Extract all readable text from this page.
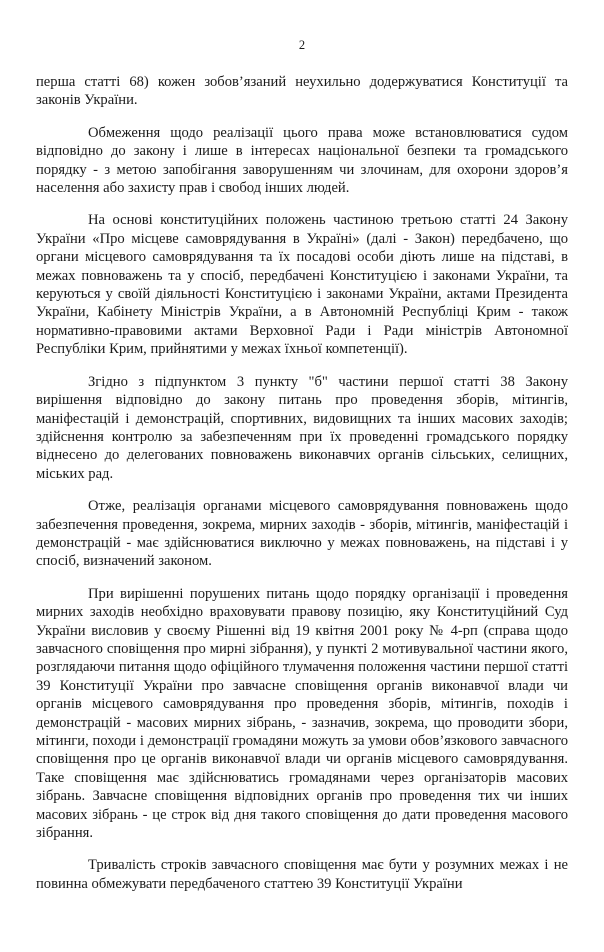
2

перша статті 68) кожен зобов’язаний неухильно додержуватися Конституції та законів України.

Обмеження щодо реалізації цього права може встановлюватися судом відповідно до закону і лише в інтересах національної безпеки та громадського порядку - з метою запобігання заворушенням чи злочинам, для охорони здоров’я населення або захисту прав і свобод інших людей.

На основі конституційних положень частиною третьою статті 24 Закону України «Про місцеве самоврядування в Україні» (далі - Закон) передбачено, що органи місцевого самоврядування та їх посадові особи діють лише на підставі, в межах повноважень та у спосіб, передбачені Конституцією і законами України, та керуються у своїй діяльності Конституцією і законами України, актами Президента України, Кабінету Міністрів України, а в Автономній Республіці Крим - також нормативно-правовими актами Верховної Ради і Ради міністрів Автономної Республіки Крим, прийнятими у межах їхньої компетенції).

Згідно з підпунктом 3 пункту "б" частини першої статті 38 Закону вирішення відповідно до закону питань про проведення зборів, мітингів, маніфестацій і демонстрацій, спортивних, видовищних та інших масових заходів; здійснення контролю за забезпеченням при їх проведенні громадського порядку віднесено до делегованих повноважень виконавчих органів сільських, селищних, міських рад.

Отже, реалізація органами місцевого самоврядування повноважень щодо забезпечення проведення, зокрема, мирних заходів - зборів, мітингів, маніфестацій і демонстрацій - має здійснюватися виключно у межах повноважень, на підставі і у спосіб, визначений законом.

При вирішенні порушених питань щодо порядку організації і проведення мирних заходів необхідно враховувати правову позицію, яку Конституційний Суд України висловив у своєму Рішенні від 19 квітня 2001 року № 4-рп (справа щодо завчасного сповіщення про мирні зібрання), у пункті 2 мотивувальної частини якого, розглядаючи питання щодо офіційного тлумачення положення частини першої статті 39 Конституції України про завчасне сповіщення органів виконавчої влади чи органів місцевого самоврядування про проведення зборів, мітингів, походів і демонстрацій - масових мирних зібрань, - зазначив, зокрема, що проводити збори, мітинги, походи і демонстрації громадяни можуть за умови обов’язкового завчасного сповіщення про це органів виконавчої влади чи органів місцевого самоврядування. Таке сповіщення має здійснюватись громадянами через організаторів масових зібрань. Завчасне сповіщення відповідних органів про проведення тих чи інших масових зібрань - це строк від дня такого сповіщення до дати проведення масового зібрання.

Тривалість строків завчасного сповіщення має бути у розумних межах і не повинна обмежувати передбаченого статтею 39 Конституції України
